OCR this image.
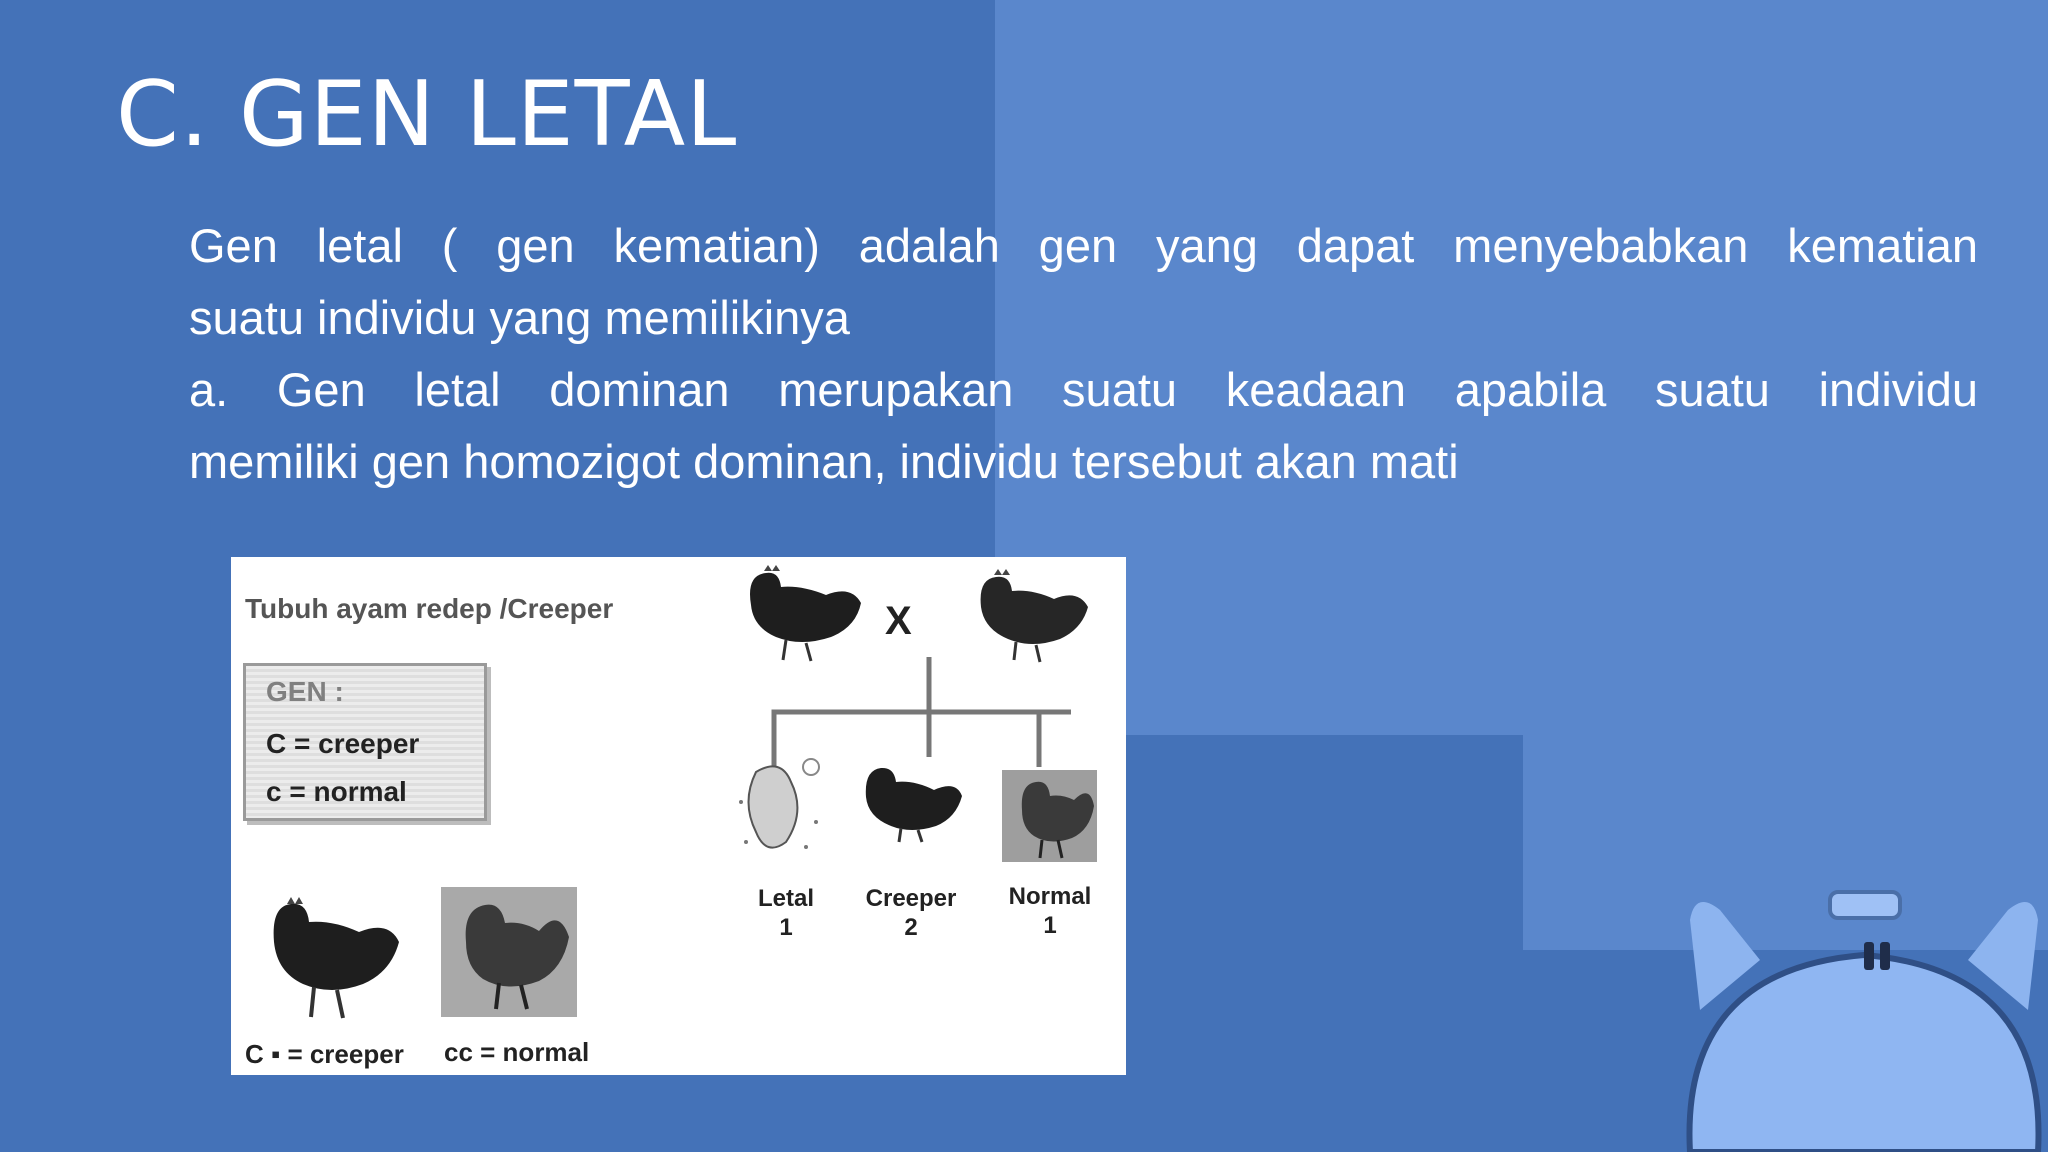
C. GEN LETAL
Gen letal ( gen kematian) adalah gen yang dapat menyebabkan kematian
suatu individu yang memilikinya
a. Gen letal dominan merupakan suatu keadaan apabila suatu individu
memiliki gen homozigot dominan, individu tersebut akan mati
Tubuh ayam redep /Creeper
GEN :
C = creeper
c = normal
X
Letal
1
Creeper
2
Normal
1
C ▪ = creeper cc = normal
